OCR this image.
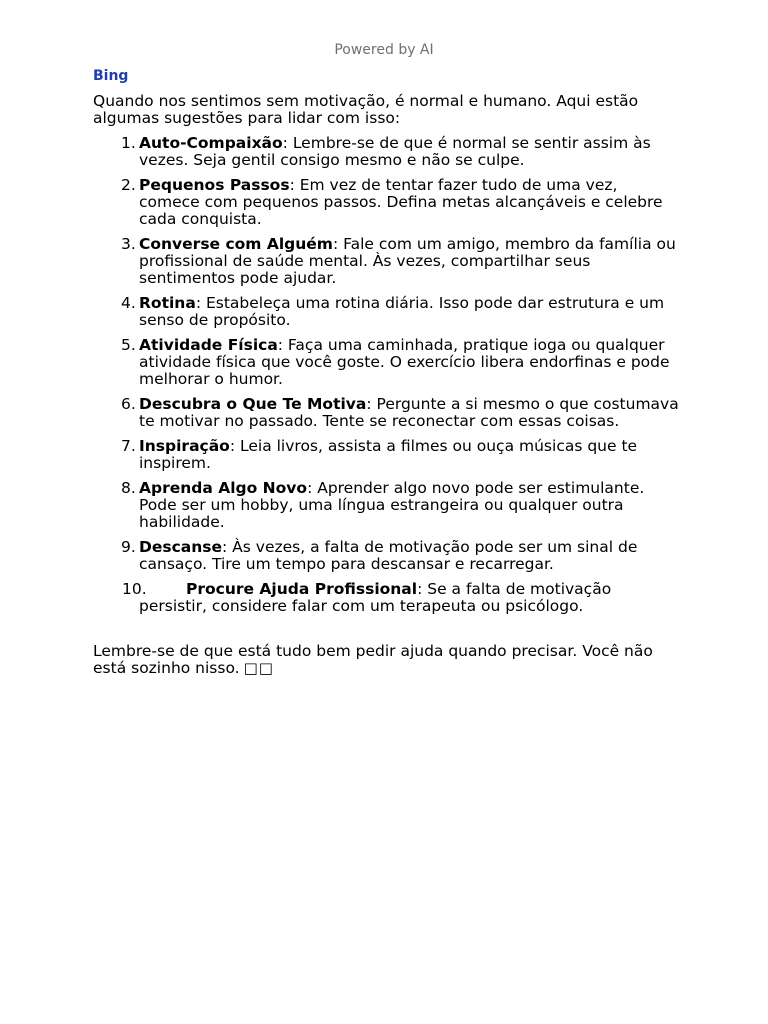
Powered by AI
Bing

Quando nos sentimos sem motivação, é normal e humano. Aqui estão algumas sugestões para lidar com isso:

1. Auto-Compaixão: Lembre-se de que é normal se sentir assim às vezes. Seja gentil consigo mesmo e não se culpe.
2. Pequenos Passos: Em vez de tentar fazer tudo de uma vez, comece com pequenos passos. Defina metas alcançáveis e celebre cada conquista.
3. Converse com Alguém: Fale com um amigo, membro da família ou profissional de saúde mental. Às vezes, compartilhar seus sentimentos pode ajudar.
4. Rotina: Estabeleça uma rotina diária. Isso pode dar estrutura e um senso de propósito.
5. Atividade Física: Faça uma caminhada, pratique ioga ou qualquer atividade física que você goste. O exercício libera endorfinas e pode melhorar o humor.
6. Descubra o Que Te Motiva: Pergunte a si mesmo o que costumava te motivar no passado. Tente se reconectar com essas coisas.
7. Inspiração: Leia livros, assista a filmes ou ouça músicas que te inspirem.
8. Aprenda Algo Novo: Aprender algo novo pode ser estimulante. Pode ser um hobby, uma língua estrangeira ou qualquer outra habilidade.
9. Descanse: Às vezes, a falta de motivação pode ser um sinal de cansaço. Tire um tempo para descansar e recarregar.
10.	Procure Ajuda Profissional: Se a falta de motivação persistir, considere falar com um terapeuta ou psicólogo.

Lembre-se de que está tudo bem pedir ajuda quando precisar. Você não está sozinho nisso. □□
